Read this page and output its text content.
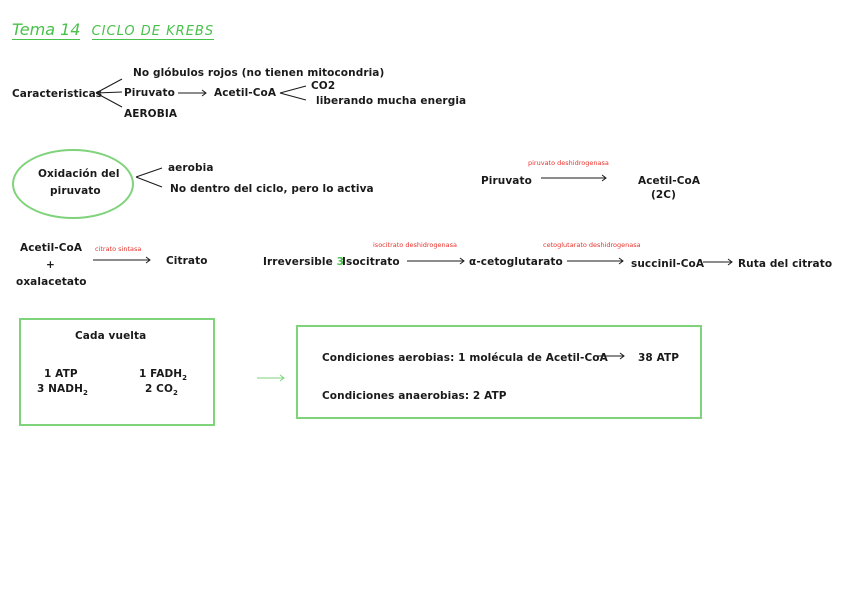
Tema 14 CICLO DE KREBS
Caracteristicas
No glóbulos rojos (no tienen mitocondria)
Piruvato	Acetil-CoA
CO2
liberando mucha energia
AEROBIA
Oxidación del
piruvato
aerobia
No dentro del ciclo, pero lo activa
piruvato deshidrogenasa
Piruvato	Acetil-CoA
(2C)
Acetil-CoA
+
oxalacetato
citrato sintasa
Citrato	Irreversible 3
Isocitrato
isocitrato deshidrogenasa
α-cetoglutarato
cetoglutarato deshidrogenasa
succinil-CoA	Ruta del citrato
Cada vuelta
1 ATP	1 $FADH_2$
3 $NADH_2$	2 $CO_2$
Condiciones aerobias: 1 molécula de Acetil-CoA	38 ATP
Condiciones anaerobias: 2 ATP
